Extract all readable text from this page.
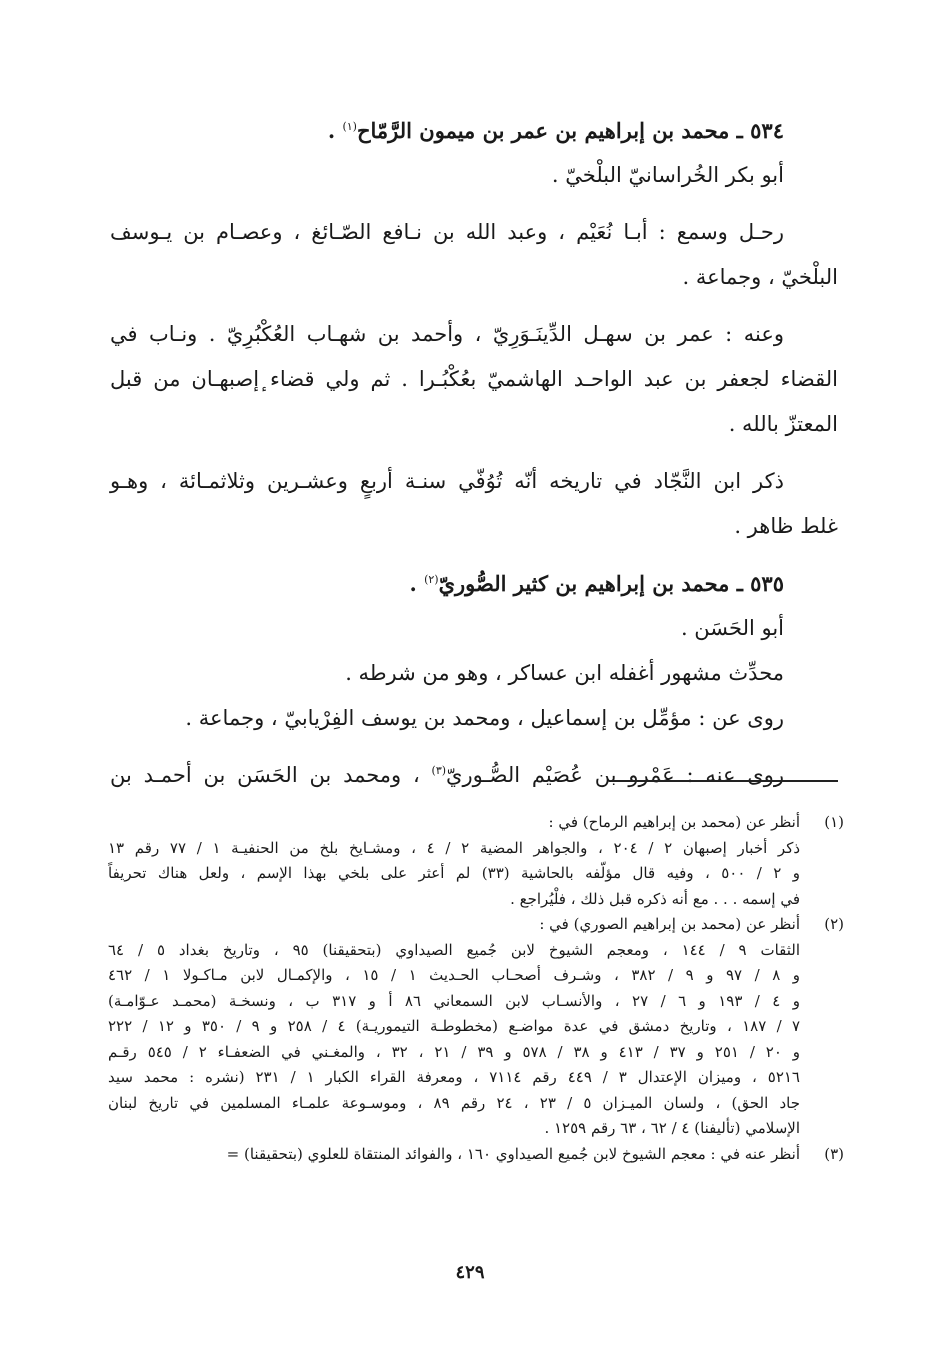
٥٣٤ ـ محمد بن إبراهيم بن عمر بن ميمون الرَّمّاح$^{(١)}$ .
أبو بكر الخُراسانيّ البلْخيّ .
رحـل وسمع : أبـا نُعَيْم ، وعبد الله بن نـافع الصّـائغ ، وعصـام بن يـوسف
البلْخيّ ، وجماعة .
وعنه : عمر بن سهـل الدِّينَـوَرِيّ ، وأحمد بن شهـاب العُكْبُرِيّ . ونـاب في
القضاء لجعفر بن عبد الواحـد الهاشميّ بعُكْبُـرا . ثم ولي قضاء ٕإصبهـان من قبل
المعتزّ بالله .
ذكر ابن النَّجّاد في تاريخه أنّه تُوُفّي سنـة أربعٍ وعشـرين وثلاثمـائة ، وهـو
غلط ظاهر .
٥٣٥ ـ محمد بن إبراهيم بن كثير الصُّوريّ$^{(٢)}$ .
أبو الحَسَن .
محدِّث مشهور أغفله ابن عساكر ، وهو من شرطه .
روى عن : مؤمِّل بن إسماعيل ، ومحمد بن يوسف الفِرْيابيّ ، وجماعة .
روى عنه : عَمْرو بن عُصَيْم الصُّـوريّ$^{(٣)}$ ، ومحمد بن الحَسَن بن أحمـد بن
(١)
أنظر عن (محمد بن إبراهيم الرماح) في :
ذكر أخبار إصبهان ٢ / ٢٠٤ ، والجواهر المضية ٢ / ٤ ، ومشـايخ بلخ من الحنفيـة ١ / ٧٧ رقم ١٣
و ٢ / ٥٠٠ ، وفيه قال مؤلّفه بالحاشية (٣٣) لم أعثر على بلخي بهذا الإسم ، ولعل هناك تحريفاً
في إسمه . . . مع أنه ذكره قبل ذلك ، فلْيُراجع .
(٢)
أنظر عن (محمد بن إبراهيم الصوري) في :
الثقات ٩ / ١٤٤ ، ومعجم الشيوخ لابن جُميع الصيداوي (بتحقيقنا) ٩٥ ، وتاريخ بغداد ٥ / ٦٤
و ٨ / ٩٧ و ٩ / ٣٨٢ ، وشـرف أصحـاب الحـديث ١ / ١٥ ، والإكمـال لابن مـاكـولا ١ / ٤٦٢
و ٤ / ١٩٣ و ٦ / ٢٧ ، والأنسـاب لابن السمعاني ٨٦ أ و ٣١٧ ب ، ونسخـة (محمـد عـوّامـة)
٧ / ١٨٧ ، وتاريخ دمشق في عدة مواضـع (مخطوطـة التيموريـة) ٤ / ٢٥٨ و ٩ / ٣٥٠ و ١٢ / ٢٢٢
و ٢٠ / ٢٥١ و ٣٧ / ٤١٣ و ٣٨ / ٥٧٨ و ٣٩ / ٢١ ، ٣٢ ، والمغـني في الضعفـاء ٢ / ٥٤٥ رقـم
٥٢١٦ ، وميزان الإعتدال ٣ / ٤٤٩ رقم ٧١١٤ ، ومعرفة القراء الكبار ١ / ٢٣١ (نشره : محمد سيد
جاد الحق) ، ولسان الميـزان ٥ / ٢٣ ، ٢٤ رقم ٨٩ ، وموسـوعة علمـاء المسلمين في تاريخ لبنان
الإسلامي (تأليفنا) ٤ / ٦٢ ، ٦٣ رقم ١٢٥٩ .
(٣)
أنظر عنه في : معجم الشيوخ لابن جُميع الصيداوي ١٦٠ ، والفوائد المنتقاة للعلوي (بتحقيقنا) =
٤٢٩
